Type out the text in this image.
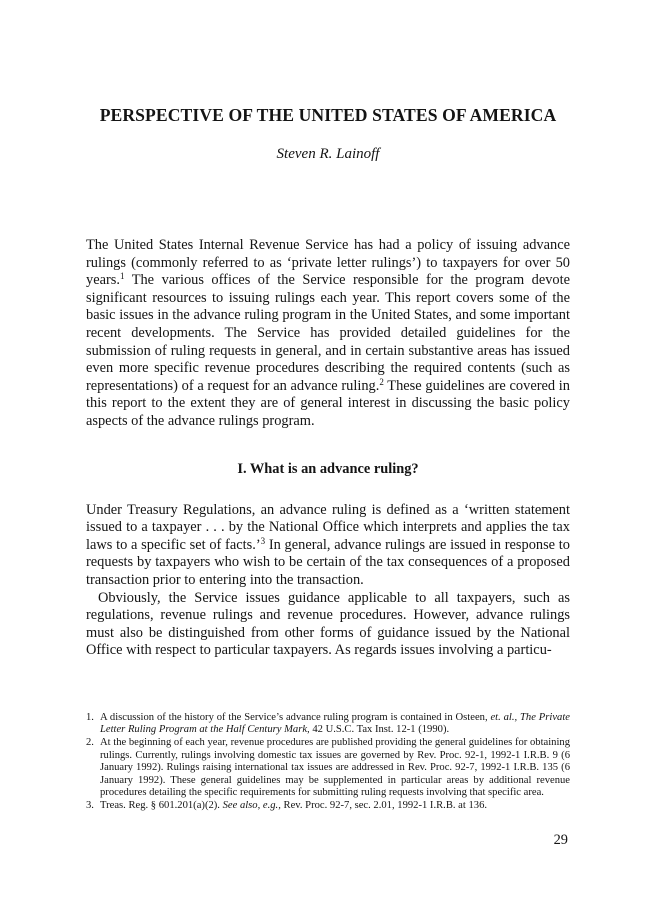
PERSPECTIVE OF THE UNITED STATES OF AMERICA

Steven R. Lainoff

The United States Internal Revenue Service has had a policy of issuing advance rulings (commonly referred to as ‘private letter rulings’) to taxpayers for over 50 years.$^1$ The various offices of the Service responsible for the program devote significant resources to issuing rulings each year. This report covers some of the basic issues in the advance ruling program in the United States, and some important recent developments. The Service has provided detailed guidelines for the submission of ruling requests in general, and in certain substantive areas has issued even more specific revenue procedures describing the required contents (such as representations) of a request for an advance ruling.$^2$ These guidelines are covered in this report to the extent they are of general interest in discussing the basic policy aspects of the advance rulings program.

I. What is an advance ruling?

Under Treasury Regulations, an advance ruling is defined as a ‘written statement issued to a taxpayer . . . by the National Office which interprets and applies the tax laws to a specific set of facts.’$^3$ In general, advance rulings are issued in response to requests by taxpayers who wish to be certain of the tax consequences of a proposed transaction prior to entering into the transaction.

Obviously, the Service issues guidance applicable to all taxpayers, such as regulations, revenue rulings and revenue procedures. However, advance rulings must also be distinguished from other forms of guidance issued by the National Office with respect to particular taxpayers. As regards issues involving a particu-

1. A discussion of the history of the Service’s advance ruling program is contained in Osteen, et. al., The Private Letter Ruling Program at the Half Century Mark, 42 U.S.C. Tax Inst. 12-1 (1990).
2. At the beginning of each year, revenue procedures are published providing the general guidelines for obtaining rulings. Currently, rulings involving domestic tax issues are governed by Rev. Proc. 92-1, 1992-1 I.R.B. 9 (6 January 1992). Rulings raising international tax issues are addressed in Rev. Proc. 92-7, 1992-1 I.R.B. 135 (6 January 1992). These general guidelines may be supplemented in particular areas by additional revenue procedures detailing the specific requirements for submitting ruling requests involving that specific area.
3. Treas. Reg. § 601.201(a)(2). See also, e.g., Rev. Proc. 92-7, sec. 2.01, 1992-1 I.R.B. at 136.
29
